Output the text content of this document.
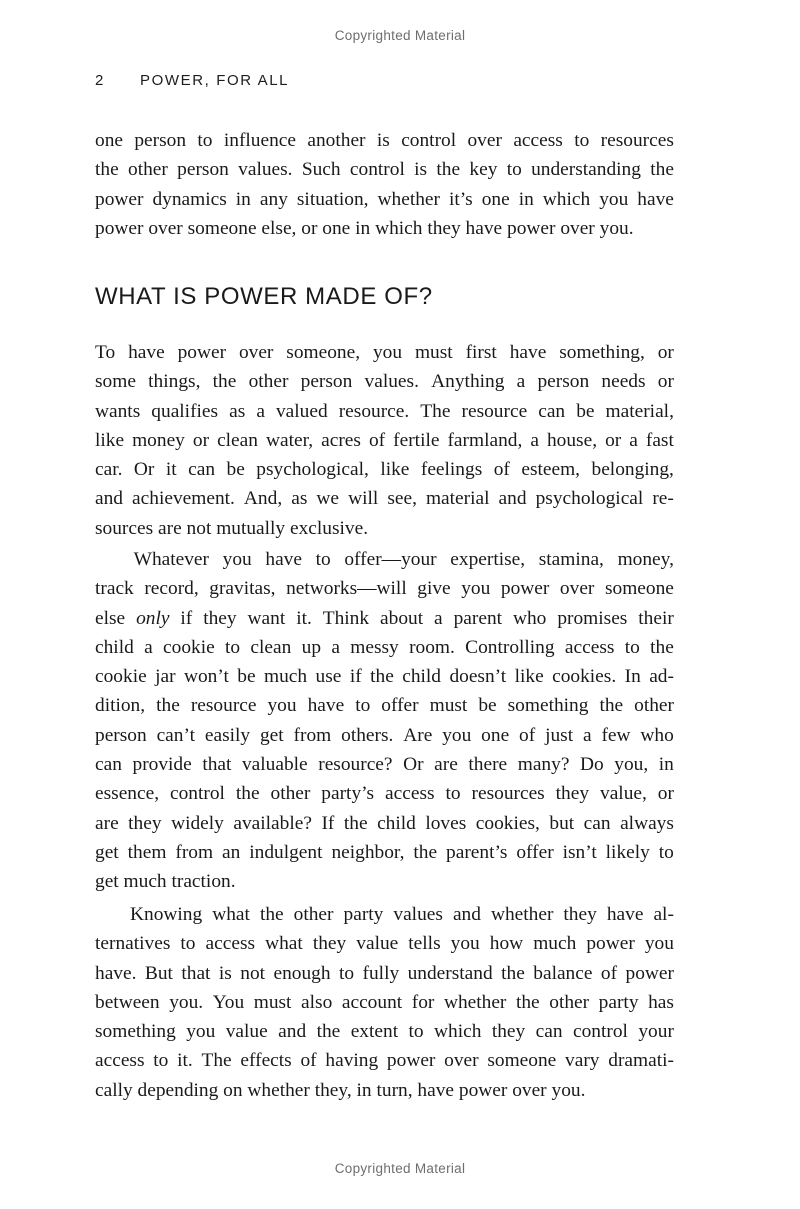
Copyrighted Material
2 POWER, FOR ALL
one person to influence another is control over access to resources
the other person values. Such control is the key to understanding the
power dynamics in any situation, whether it’s one in which you have
power over someone else, or one in which they have power over you.
WHAT IS POWER MADE OF?
To have power over someone, you must first have something, or
some things, the other person values. Anything a person needs or
wants qualifies as a valued resource. The resource can be material,
like money or clean water, acres of fertile farmland, a house, or a fast
car. Or it can be psychological, like feelings of esteem, belonging,
and achievement. And, as we will see, material and psychological re-
sources are not mutually exclusive.

Whatever you have to offer—your expertise, stamina, money,
track record, gravitas, networks—will give you power over someone
else only if they want it. Think about a parent who promises their
child a cookie to clean up a messy room. Controlling access to the
cookie jar won’t be much use if the child doesn’t like cookies. In ad-
dition, the resource you have to offer must be something the other
person can’t easily get from others. Are you one of just a few who
can provide that valuable resource? Or are there many? Do you, in
essence, control the other party’s access to resources they value, or
are they widely available? If the child loves cookies, but can always
get them from an indulgent neighbor, the parent’s offer isn’t likely to
get much traction.

Knowing what the other party values and whether they have al-
ternatives to access what they value tells you how much power you
have. But that is not enough to fully understand the balance of power
between you. You must also account for whether the other party has
something you value and the extent to which they can control your
access to it. The effects of having power over someone vary dramati-
cally depending on whether they, in turn, have power over you.
Copyrighted Material
